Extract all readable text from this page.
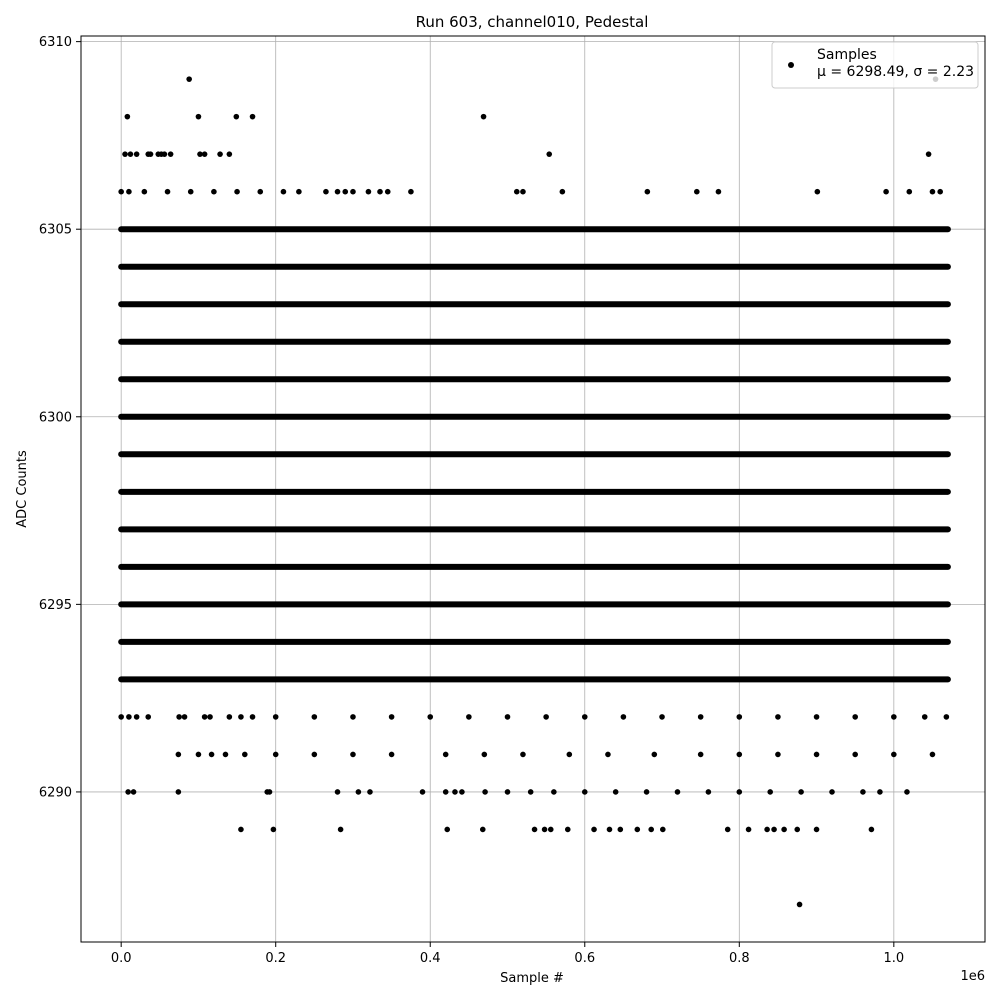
Run 603, channel010, Pedestal
0.0	0.2	0.4	0.6	0.8	1.0
6290
6295
6300
6305
6310
Sample #	1e6
ADC Counts
Samples
μ = 6298.49, σ = 2.23
